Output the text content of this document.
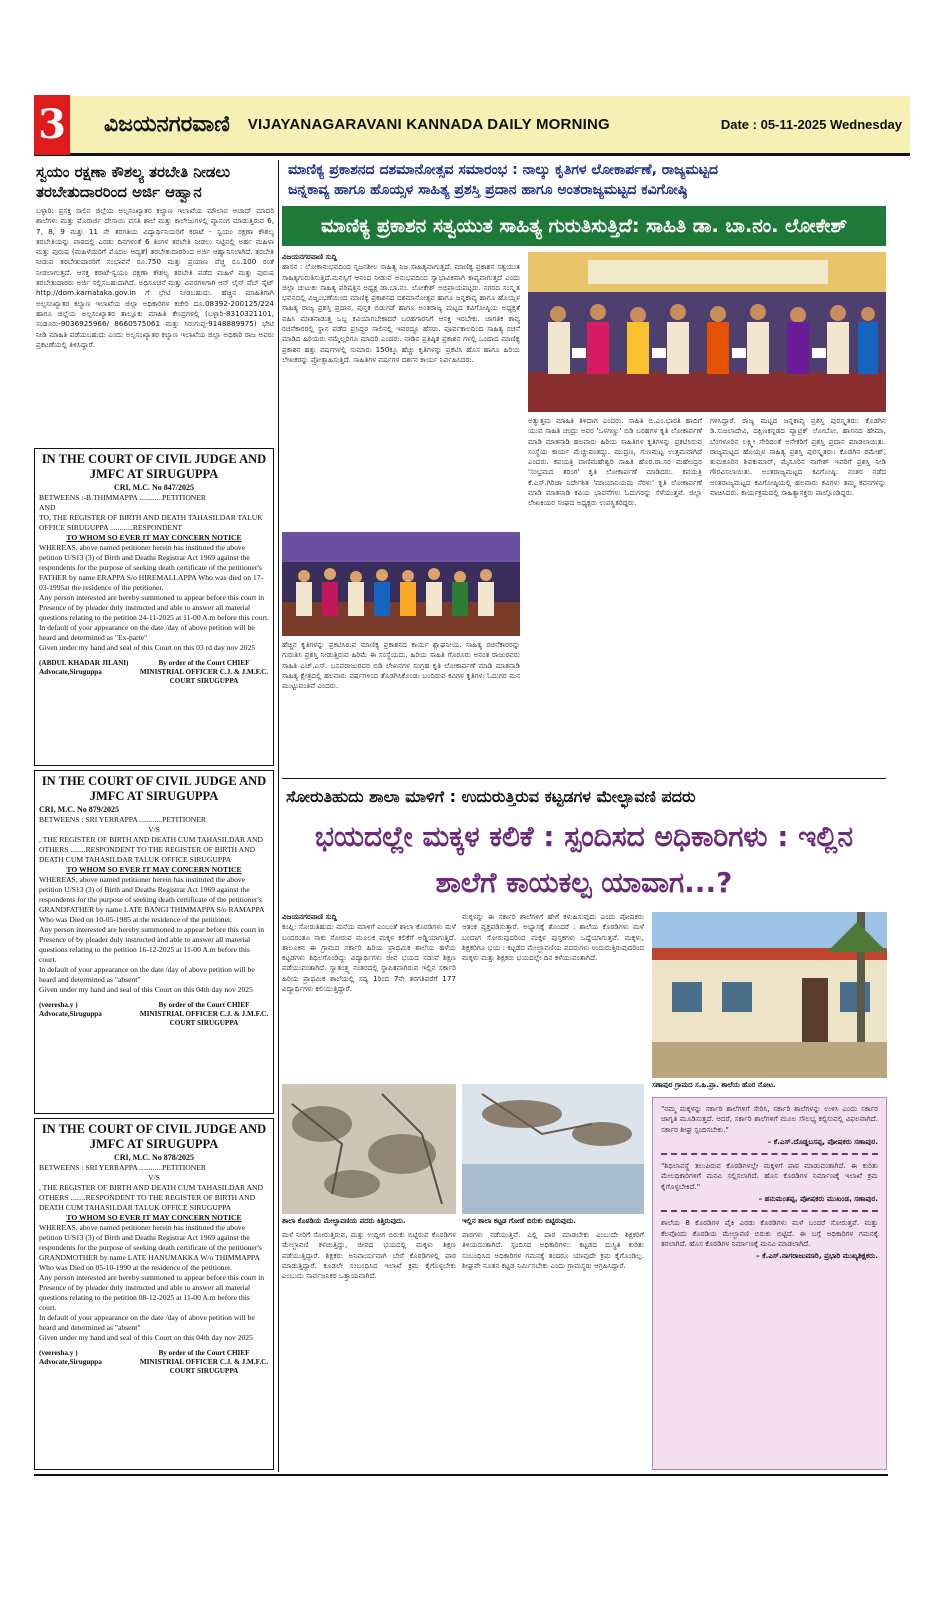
3 ವಿಜಯನಗರವಾಣಿ VIJAYANAGARAVANI KANNADA DAILY MORNING	Date : 05-11-2025 Wednesday
ಸ್ವಯಂ ರಕ್ಷಣಾ ಕೌಶಲ್ಯ ತರಬೇತಿ ನೀಡಲು ತರಬೇತುದಾರರಿಂದ ಅರ್ಜಿ ಆಹ್ವಾನ
ಬಳ್ಳಾರಿ: ಪ್ರಸಕ್ತ ಸಾಲಿನ ಜಿಲ್ಲೆಯ ಅಲ್ಪಸಂಖ್ಯಾತರ ಕಲ್ಯಾಣ ಇಲಾಖೆಯ ಮೌಲಾನ ಆಜಾದ್ ಮಾದರಿ ಶಾಲೆಗಳು ಮತ್ತು ಮೊರಾರ್ಜಿ ದೇಸಾಯಿ ವಸತಿ ಶಾಲೆ ಮತ್ತು ಕಾಲೇಜುಗಳಲ್ಲಿ ವ್ಯಾಸಂಗ ಮಾಡುತ್ತಿರುವ 6, 7, 8, 9 ಮತ್ತು 11 ನೇ ತರಗತಿಯ ವಿದ್ಯಾರ್ಥಿನಿಯರಿಗೆ ಕರಾಟೆ - ಸ್ವಯಂ ರಕ್ಷಣಾ ಕೌಶಲ್ಯ ತರಬೇತಿಯನ್ನು ಪಾಠದಲ್ಲಿ ಎರಡು ದಿನಗಳಂತೆ 6 ತಿಂಗಳ ತರಬೇತಿ ನೀಡಲು ನಿಟ್ಟಿನಲ್ಲಿ ಅರ್ಹ ಮಹಿಳಾ ಮತ್ತು ಪುರುಷ (ಮಹಿಳೆಯರಿಗೆ ಮೊದಲ ಆದ್ಯತೆ) ತರಬೇತುದಾರರಿಂದ ಅರ್ಜಿ ಆಹ್ವಾನಿಸಲಾಗಿದೆ. ತರಬೇತಿ ನೀಡುವ ತರಬೇತುದಾರರಿಗೆ ಸಂಭಾವನೆ ರೂ.750 ಮತ್ತು ಪ್ರಯಾಣ ವೆಚ್ಚ ರೂ.100 ರಂತೆ ನೀಡಲಾಗುತ್ತದೆ. ಆಸಕ್ತ ಕರಾಟೆ-ಸ್ವಯಂ ರಕ್ಷಣಾ ಕೌಶಲ್ಯ ತರಬೇತಿ ಪಡೆದ ಮಹಿಳೆ ಮತ್ತು ಪುರುಷ ತರಬೇತುದಾರರು ಅರ್ಜಿ ಸಲ್ಲಿಸಬಹುದಾಗಿದೆ. ಅಧಿಸೂಚನೆ ಮತ್ತು ವಿವರಗಳಿಗಾಗಿ ಆನ್ ಲೈನ್ ವೆಬ್ ಸೈಟ್ http://dom.karnataka.gov.in ಗೆ ಭೇಟಿ ನೀಡಬಹುದು. ಹೆಚ್ಚಿನ ಮಾಹಿತಿಗಾಗಿ ಅಲ್ಪಸಂಖ್ಯಾತರ ಕಲ್ಯಾಣ ಇಲಾಖೆಯ ಜಿಲ್ಲಾ ಅಧಿಕಾರಿಗಳ ಕಚೇರಿ ದೂ.08392-200125/224 ಹಾಗೂ ಜಿಲ್ಲೆಯ ಅಲ್ಪಸಂಖ್ಯಾತರ ತಾಲ್ಲೂಕು ಮಾಹಿತಿ ಕೇಂದ್ರಗಳಲ್ಲಿ (ಬಳ್ಳಾರಿ-8310321101, ಸಂಡೂರು-9036925966/ 8660575061 ಮತ್ತು ಸಿರುಗುಪ್ಪ-9148889975) ಭೇಟಿ ನೀಡಿ ಮಾಹಿತಿ ಪಡೆಯಬಹುದು ಎಂದು ಅಲ್ಪಸಂಖ್ಯಾತರ ಕಲ್ಯಾಣ ಇಲಾಖೆಯ ಜಿಲ್ಲಾ ಅಧಿಕಾರಿ ರಾಜ ಅವರು ಪ್ರಕಟಣೆಯಲ್ಲಿ ತಿಳಿಸಿದ್ದಾರೆ.
IN THE COURT OF CIVIL JUDGE AND JMFC AT SIRUGUPPA
CRI, M.C. No 847/2025
BETWEENS :-B.THIMMAPPA ............PETITIONER
AND
TO, THE REGISTER OF BIRTH AND DEATH TAHASILDAR TALUK OFFICE SIRUGUPPA ............RESPONDENT
TO WHOM SO EVER IT MAY CONCERN NOTICE
WHEREAS, above named petitioner herein has instituted the above petition U/S13 (3) of Birth and Deaths Registrar Act 1969 against the respondents for the purpose of seeking death certificate of the petitioner's FATHER by name ERAPPA S/o HIREMALLAPPA Who was died on 17-03-1995at the residence of the petitioner.
Any person interested are hereby summoned to appear before this court in Presence of by pleader duly instructed and able to answer all material questions relating to the petition 24-11-2025 at 11-00 A.m before this court.
In default of your appearance on the date /day of above petition will be heard and determined as "Ex-parte"
Given under my hand and seal of this Court on this 03 rd day nov 2025
(ABDUL KHADAR JILANI) Advocate,Siruguppa
By order of the Court CHIEF MINISTRIAL OFFICER C.J. & J.M.F.C. COURT SIRUGUPPA
IN THE COURT OF CIVIL JUDGE AND JMFC AT SIRUGUPPA
CRI, M.C. No 879/2025
BETWEENS : SRI YERRAPPA ............PETITIONER
V/S
, THE REGISTER OF BIRTH AND DEATH CUM TAHASILDAR AND OTHERS ........RESPONDENT TO THE REGISTER OF BIRTH AND DEATH CUM TAHASILDAR TALUK OFFICE SIRUGUPPA
TO WHOM SO EVER IT MAY CONCERN NOTICE
WHEREAS, above named petitioner herein has instituted the above petition U/S13 (3) of Birth and Deaths Registrar Act 1969 against the respondents for the purpose of seeking death certificate of the petitioner's GRANDFATHER by name LATE BANGI THIMMAPPA S/o RAMAPPA Who was Died on 10-05-1985 at the residence of the petitioner.
Any person interested are hereby summoned to appear before this court in Presence of by pleader duly instructed and able to answer all material questions relating to the petition 16-12-2025 at 11-00 A.m before this court.
In default of your appearance on the date /day of above petition will be heard and determined as "absent"
Given under my hand and seal of this Court on this 04th day nov 2025
(veeresha.y ) Advocate,Siruguppa
By order of the Court CHIEF MINISTRIAL OFFICER C.J. & J.M.F.C. COURT SIRUGUPPA
IN THE COURT OF CIVIL JUDGE AND JMFC AT SIRUGUPPA
CRI, M.C. No 878/2025
BETWEENS : SRI YERRAPPA ............PETITIONER
V/S
, THE REGISTER OF BIRTH AND DEATH CUM TAHASILDAR AND OTHERS ........RESPONDENT TO THE REGISTER OF BIRTH AND DEATH CUM TAHASILDAR TALUK OFFICE SIRUGUPPA
TO WHOM SO EVER IT MAY CONCERN NOTICE
WHEREAS, above named petitioner herein has instituted the above petition U/S13 (3) of Birth and Deaths Registrar Act 1969 against the respondents for the purpose of seeking death certificate of the petitioner's GRANDMOTHER by name LATE HANUMAKKA W/o THIMMAPPA Who was Died on 05-10-1990 at the residence of the petitioner.
Any person interested are hereby summoned to appear before this court in Presence of by pleader duly instructed and able to answer all material questions relating to the petition 08-12-2025 at 11-00 A.m before this court.
In default of your appearance on the date /day of above petition will be heard and determined as "absent"
Given under my hand and seal of this Court on this 04th day nov 2025
(veeresha.y ) Advocate,Siruguppa
By order of the Court CHIEF MINISTRIAL OFFICER C.J. & J.M.F.C. COURT SIRUGUPPA
ಮಾಣಿಕ್ಯ ಪ್ರಕಾಶನದ ದಶಮಾನೋತ್ಸವ ಸಮಾರಂಭ : ನಾಲ್ಕು ಕೃತಿಗಳ ಲೋಕಾರ್ಪಣೆ, ರಾಜ್ಯಮಟ್ಟದ
ಜನ್ನಕಾವ್ಯ ಹಾಗೂ ಹೊಯ್ಸಳ ಸಾಹಿತ್ಯ ಪ್ರಶಸ್ತಿ ಪ್ರದಾನ ಹಾಗೂ ಅಂತರಾಜ್ಯಮಟ್ಟದ ಕವಿಗೋಷ್ಠಿ
ಮಾಣಿಕ್ಯ ಪ್ರಕಾಶನ ಸತ್ವಯುತ ಸಾಹಿತ್ಯ ಗುರುತಿಸುತ್ತಿದೆ: ಸಾಹಿತಿ ಡಾ. ಬಾ.ನಂ. ಲೋಕೇಶ್
ವಿಜಯನಗರವಾಣಿ ಸುದ್ದಿ
ಹಾಸನ : ಲೋಕಾನುಭವದಿಂದ ಸೃಜನಶೀಲ ಸಾಹಿತ್ಯ ನಿಜ ಸಾಹಿತ್ಯವಾಗುತ್ತದೆ. ಮಾಣಿಕ್ಯ ಪ್ರಕಾಶನ ಸತ್ವಯುತ ಸಾಹಿತ್ಯಗುರುತಿಸುತ್ತಿದೆ.ಮನಸ್ಸಿಗೆ ಆನಂದ ನೀಡುವ ಅನುಭವದಿಂದ ಸ್ವಾಭಾವಿಕವಾಗಿ ಕಾವ್ಯವಾಗುತ್ತದೆ ಎಂದು ಜಿಲ್ಲಾ ಚುಟುಕು ಸಾಹಿತ್ಯ ಪರಿಷತ್ತಿನ ಅಧ್ಯಕ್ಷ ಡಾ.ಬಾ.ನಂ. ಲೋಕೇಶ್ ಅಭಿಪ್ರಾಯಪಟ್ಟರು. ನಗರದ ಸಂಸ್ಕೃತ ಭವನದಲ್ಲಿ ವಿಜೃಂಭಣೆಯಿಂದ ಮಾಣಿಕ್ಯ ಪ್ರಕಾಶನದ ದಶಮಾನೋತ್ಸವ ಹಾಗೂ ಜನ್ನಕಾವ್ಯ ಹಾಗೂ ಹೊಯ್ಸಳ ಸಾಹಿತ್ಯ ರಾಜ್ಯ ಪ್ರಶಸ್ತಿ ಪ್ರದಾನ, ಪುಸ್ತಕ ಬಿಡುಗಡೆ ಹಾಗೂ ಅಂತರಾಜ್ಯ ಮಟ್ಟದ ಕವಿಗೋಷ್ಠಿಯ ಅಧ್ಯಕ್ಷತೆ ವಹಿಸಿ ಮಾತನಾಡುತ್ತ ಒಬ್ಬ ಕವಿಯಾಗಬೇಕಾದರೆ ಬರಹಗಾರನಿಗೆ ಆಸಕ್ತಿ ಇರಬೇಕು. ಜಾಗತಿಕ ಕಾವ್ಯ ರಚನೆಕಾರರಲ್ಲಿ ಸ್ಥಾನ ಪಡೆದ ಪ್ರಸಿದ್ಧರ ಸಾಲಿನಲ್ಲಿ ಇವರದ್ದೂ ಹೆಸರು. ಪೂರ್ವಕಾಲದಿಂದ ಸಾಹಿತ್ಯ ರಚನೆ ಮಾಡಿದ ಹಿರಿಯರು ನಮ್ಮೆಲ್ಲರಿಗೂ ಮಾದರಿ ಎಂದರು. ನಾಡಿನ ಪ್ರತಿಷ್ಠಿತ ಪ್ರಕಾಶನ ಗಳಲ್ಲಿ ಒಂದಾದ ಮಾಣಿಕ್ಯ ಪ್ರಕಾಶನ ಹತ್ತು ವರ್ಷಗಳಲ್ಲಿ ಸುಮಾರು 150ಕ್ಕೂ ಹೆಚ್ಚು ಕೃತಿಗಳನ್ನು ಪ್ರಕಟಿಸಿ ಹೊಸ ಹಾಗೂ ಹಿರಿಯ ಲೇಖಕರನ್ನು ಪ್ರೋತ್ಸಾಹಿಸುತ್ತಿದೆ. ಸಾಹಿತಿಗಳ ವರ್ಷಗಳ ದರ್ಶನ ಕಾರ್ಯ ನಿರ್ವಹಿಸಿದರು.
ಹೆಚ್ಚಿನ ಕೃತಿಗಳನ್ನು ಪ್ರಕಟಿಸಿರುವ ಮಾಣಿಕ್ಯ ಪ್ರಕಾಶನದ ಕಾರ್ಯ ಶ್ಲಾಘನೀಯ. ಸಾಹಿತ್ಯ ರಚನೆಕಾರರನ್ನು ಗುರುತಿಸಿ ಪ್ರಶಸ್ತಿ ನೀಡುತ್ತಿರುವ ಹಿರಿಮೆ ಈ ಸಂಸ್ಥೆಯದು. ಹಿರಿಯ ಸಾಹಿತಿ ಗೊರೂರು ಅನಂತ ರಾಜುರವರು ಸಾಹಿತಿ ಎಚ್.ಎಸ್. ಬಸವರಾಜುರವರ ಬಿಡಿ ಲೇಖನಗಳ ಸಂಗ್ರಹ ಕೃತಿ ಲೋಕಾರ್ಪಣೆ ಮಾಡಿ ಮಾತನಾಡಿ ಸಾಹಿತ್ಯ ಕ್ಷೇತ್ರದಲ್ಲಿ ಹಲವಾರು ವರ್ಷಗಳಿಂದ ತೊಡಗಿಸಿಕೊಂಡು ಬಂದಿರುವ ಕವಿಗಳ ಕೃತಿಗಳು ಓದುಗರ ಮನ ಮುಟ್ಟುವಂತಿವೆ ಎಂದರು.
ಅತ್ಯುತ್ತಮ ಮಾಹಿತಿ ತಿಳಿದಾಗ ಎಂದರು. ಸಾಹಿತಿ ಬಿ.ಎಂ.ಭಾರತಿ ಹಾದಿಗೆ ಯುವ ಸಾಹಿತಿ ಚಂದ್ರು ಅವರ 'ಒಳಗಣ್ಣು' ಬಿಡಿ ಬರಹಗಳ ಕೃತಿ ಲೋಕಾರ್ಪಣೆ ಮಾಡಿ ಮಾತನಾಡಿ ಹಲವಾರು ಹಿರಿಯ ಸಾಹಿತಿಗಳ ಕೃತಿಗಳನ್ನು ಪ್ರಕಟಿಸಿರುವ ಸಂಸ್ಥೆಯ ಕಾರ್ಯ ಮೆಚ್ಚುವಂತದ್ದು. ಮುದ್ರಣ, ಗುಣಮಟ್ಟ ಉತ್ತಮವಾಗಿದೆ ಎಂದರು. ಕವಯತ್ರಿ ವಾಣಿಮಹೇಶ್ವರಿ ಸಾಹಿತಿ ಹೊರ.ರಾ.ಸರ ಮಹೇಂದ್ರರ 'ಸಂಭ್ರಮದ ತರಂಗ' ಕೃತಿ ಲೋಕಾರ್ಪಣೆ ಮಾಡಿದರು. ಕವಯತ್ರಿ ಕೆ.ಎಸ್.ಗಿರಿಜಾ ನಿರ್ದೇಶಿತ 'ಮಾಯಾನಿಯಮ ನೆರಳು' ಕೃತಿ ಲೋಕಾರ್ಪಣೆ ಮಾಡಿ ಮಾತನಾಡಿ ಕವಿಯ ಭಾವನೆಗಳು ಓದುಗರನ್ನು ಸೆಳೆಯುತ್ತವೆ. ಜಿಲ್ಲಾ ಲೇಖಕಿಯರ ಸಂಘದ ಅಧ್ಯಕ್ಷರು ಉಪಸ್ಥಿತರಿದ್ದರು.
ಗಳಿಸಿದ್ದಾರೆ. ರಾಜ್ಯ ಮಟ್ಟದ ಜನ್ನಕಾವ್ಯ ಪ್ರಶಸ್ತಿ ಪುರಸ್ಕೃತರು: ಕೊಡಗಿನ ಡಿ.ಸುಜಲಾದೇವಿ, ದಕ್ಷಿಣಕನ್ನಡದ ಪ್ಯಾಟ್ರಿಕ್ ಲೋಬೋ, ಹಾಸನದ ಹೇಮಾ, ಬೆಂಗಳೂರಿನ ಲಕ್ಷ್ಮೀ ಸೇರಿದಂತೆ ಅನೇಕರಿಗೆ ಪ್ರಶಸ್ತಿ ಪ್ರದಾನ ಮಾಡಲಾಯಿತು. ರಾಜ್ಯಮಟ್ಟದ ಹೊಯ್ಸಳ ಸಾಹಿತ್ಯ ಪ್ರಶಸ್ತಿ ಪುರಸ್ಕೃತರು: ಕೊಡಗಿನ ರಮೇಶ್, ತುಮಕೂರಿನ ಶಿವಕುಮಾರ್, ಮೈಸೂರಿನ ನಾಗೇಶ್ ಇವರಿಗೆ ಪ್ರಶಸ್ತಿ ನೀಡಿ ಗೌರವಿಸಲಾಯಿತು. ಅಂತರಾಜ್ಯಮಟ್ಟದ ಕವಿಗೋಷ್ಠಿ: ನಂತರ ನಡೆದ ಅಂತರಾಜ್ಯಮಟ್ಟದ ಕವಿಗೋಷ್ಠಿಯಲ್ಲಿ ಹಲವಾರು ಕವಿಗಳು ತಮ್ಮ ಕವನಗಳನ್ನು ವಾಚಿಸಿದರು. ಕಾರ್ಯಕ್ರಮದಲ್ಲಿ ಸಾಹಿತ್ಯಾಸಕ್ತರು ಪಾಲ್ಗೊಂಡಿದ್ದರು.
ಸೋರುತಿಹುದು ಶಾಲಾ ಮಾಳಿಗೆ : ಉದುರುತ್ತಿರುವ ಕಟ್ಟಡಗಳ ಮೇಲ್ಛಾವಣಿ ಪದರು
ಭಯದಲ್ಲೇ ಮಕ್ಕಳ ಕಲಿಕೆ : ಸ್ಪಂದಿಸದ ಅಧಿಕಾರಿಗಳು : ಇಲ್ಲಿನ ಶಾಲೆಗೆ ಕಾಯಕಲ್ಪ ಯಾವಾಗ...?
ವಿಜಯನಗರವಾಣಿ ಸುದ್ದಿ
ಕಂಪ್ಲಿ: ಸೋರುತಿಹುದು ಮನೆಯ ಮಾಳಿಗೆ ಎಂಬಂತೆ ಶಾಲಾ ಕೊಠಡಿಗಳು ಮಳೆ ಬಂದರಂತೂ ಸಾಕು ಸೋರುವ ಮೂಲಕ ಮಕ್ಕಳ ಕಲಿಕೆಗೆ ಅಡ್ಡಿಯಾಗುತ್ತಿದೆ. ತಾಲೂಕಿನ ಈ ಗ್ರಾಮದ ಸರ್ಕಾರಿ ಹಿರಿಯ ಪ್ರಾಥಮಿಕ ಶಾಲೆಯ ಹಳೆಯ ಕಟ್ಟಡಗಳು ಶಿಥಿಲಗೊಂಡಿದ್ದು ವಿದ್ಯಾರ್ಥಿಗಳು ಜೀವ ಭಯದ ನಡುವೆ ಶಿಕ್ಷಣ ಪಡೆಯುವಂತಾಗಿದೆ. ಸ್ವಾತಂತ್ರ್ಯ ನಂತರದಲ್ಲಿ ಸ್ಥಾಪಿತವಾಗಿರುವ ಇಲ್ಲಿನ ಸರ್ಕಾರಿ ಹಿರಿಯ ಪ್ರಾಥಮಿಕ ಶಾಲೆಯಲ್ಲಿ ಸದ್ಯ 1ರಿಂದ 7ನೇ ತರಗತಿವರೆಗೆ 177 ವಿದ್ಯಾರ್ಥಿಗಳು ಕಲಿಯುತ್ತಿದ್ದಾರೆ.
ಮಕ್ಕಳನ್ನು ಈ ಸರ್ಕಾರಿ ಶಾಲೆಗಳಿಗೆ ಹೇಗೆ ಕಳುಹಿಸುವುದು ಎಂದು ಪೋಷಕರು ಆತಂಕ ವ್ಯಕ್ತಪಡಿಸುತ್ತಾರೆ. ಅಭ್ಯಾಸಕ್ಕೆ ತೊಂದರೆ : ಶಾಲೆಯ ಕೊಠಡಿಗಳು ಮಳೆ ಬಂದಾಗ ಸೋರುವುದರಿಂದ ಮಕ್ಕಳ ಪುಸ್ತಕಗಳು ಒದ್ದೆಯಾಗುತ್ತವೆ. ಮಕ್ಕಳು, ಶಿಕ್ಷಕರಿಗೂ ಭಯ : ಕಟ್ಟಡದ ಮೇಲ್ಛಾವಣಿಯ ಪದರುಗಳು ಉದುರುತ್ತಿರುವುದರಿಂದ ಮಕ್ಕಳು ಮತ್ತು ಶಿಕ್ಷಕರು ಭಯದಲ್ಲೇ ದಿನ ಕಳೆಯುವಂತಾಗಿದೆ.
ಸಣಾಪುರ ಗ್ರಾಮದ ಸ.ಹಿ.ಪ್ರಾ. ಶಾಲೆಯ ಹೊರ ನೋಟ.
ಶಾಲಾ ಕೊಠಡಿಯ ಮೇಲ್ಛಾವಣಿಯ ಪದರು ಕಿತ್ತಿರುವುದು.	ಇಲ್ಲಿನ ಶಾಲಾ ಕಟ್ಟಡ ಗೋಡೆ ಬಿರುಕು ಬಿಟ್ಟಿರುವುದು.
ಮಳೆ ನೀರಿಗೆ ಸೋರುತ್ತಿರುವ, ಮತ್ತು ಉದ್ದೀಗ ಬಿರುಕು ಬಿಟ್ಟಿರುವ ಕೊಠಡಿಗಳ ಮೇಲ್ಛಾವಣಿ ಕಳಚುತ್ತಿದ್ದು, ಜೀವದ ಭಯದಲ್ಲಿ ಮಕ್ಕಳು ಶಿಕ್ಷಣ ಪಡೆಯುತ್ತಿದ್ದಾರೆ. ಶಿಕ್ಷಕರು ಅನಿವಾರ್ಯವಾಗಿ ಬೇರೆ ಕೊಠಡಿಗಳಲ್ಲಿ ಪಾಠ ಮಾಡುತ್ತಿದ್ದಾರೆ. ಕೂಡಲೇ ಸಂಬಂಧಿಸಿದ ಇಲಾಖೆ ಕ್ರಮ ಕೈಗೊಳ್ಳಬೇಕು ಎಂಬುದು ಸಾರ್ವಜನಿಕರ ಒತ್ತಾಯವಾಗಿದೆ.
ಪಾಠಗಳು ನಡೆಯುತ್ತಿವೆ. ಎಲ್ಲಿ ಪಾಠ ಮಾಡಬೇಕು ಎಂಬುದೇ ಶಿಕ್ಷಕರಿಗೆ ತಿಳಿಯದಂತಾಗಿದೆ. ಸ್ಪಂದಿಸದ ಅಧಿಕಾರಿಗಳು: ಕಟ್ಟಡದ ದುಸ್ಥಿತಿ ಕುರಿತು ಸಂಬಂಧಿಸಿದ ಅಧಿಕಾರಿಗಳ ಗಮನಕ್ಕೆ ತಂದರೂ ಯಾವುದೇ ಕ್ರಮ ಕೈಗೊಂಡಿಲ್ಲ. ಶೀಘ್ರವೇ ನೂತನ ಕಟ್ಟಡ ನಿರ್ಮಿಸಬೇಕು ಎಂದು ಗ್ರಾಮಸ್ಥರು ಆಗ್ರಹಿಸಿದ್ದಾರೆ.

"ನಮ್ಮ ಮಕ್ಕಳನ್ನು ಸರ್ಕಾರಿ ಶಾಲೆಗಳಿಗೆ ಸೇರಿಸಿ, ಸರ್ಕಾರಿ ಶಾಲೆಗಳನ್ನು ಉಳಿಸಿ ಎಂದು ಸರ್ಕಾರ ಜಾಗೃತಿ ಮೂಡಿಸುತ್ತದೆ. ಆದರೆ, ಸರ್ಕಾರಿ ಶಾಲೆಗಳಿಗೆ ಮೂಲ ಸೌಲಭ್ಯ ಕಲ್ಪಿಸುವಲ್ಲಿ ವಿಫಲವಾಗಿದೆ. ಸರ್ಕಾರ ಶೀಘ್ರ ಸ್ಪಂದಿಸಬೇಕು."

– ಕೆ.ಎಸ್.ದೊಡ್ಡಬಸಪ್ಪ, ಪೋಷಕರು ಸಣಾಪುರ.

"ಶಿಥಿಲಾವಸ್ಥೆ ತಲುಪಿರುವ ಕೊಠಡಿಗಳಲ್ಲೇ ಮಕ್ಕಳಿಗೆ ಪಾಠ ಮಾಡುವಂತಾಗಿದೆ. ಈ ಕುರಿತು ಮೇಲಧಿಕಾರಿಗಳಿಗೆ ಮನವಿ ಸಲ್ಲಿಸಲಾಗಿದೆ. ಹೊಸ ಕೊಠಡಿಗಳ ನಿರ್ಮಾಣಕ್ಕೆ ಇಲಾಖೆ ಕ್ರಮ ಕೈಗೊಳ್ಳಬೇಕಿದೆ."

– ಹನುಮಂತಪ್ಪ, ಪೋಷಕರು ಮುಖಂಡ, ಸಣಾಪುರ.

ಶಾಲೆಯ 8 ಕೊಠಡಿಗಳ ಪೈಕಿ ಎರಡು ಕೊಠಡಿಗಳು ಮಳೆ ಬಂದರೆ ಸೋರುತ್ತವೆ. ಮತ್ತು ಕೆಲವೊಂದು ಕೊಠಡಿಯ ಮೇಲ್ಛಾವಣಿ ಬಿರುಕು ಬಿಟ್ಟಿದೆ. ಈ ಬಗ್ಗೆ ಅಧಿಕಾರಿಗಳ ಗಮನಕ್ಕೆ ತರಲಾಗಿದೆ. ಹೊಸ ಕೊಠಡಿಗಳ ನಿರ್ಮಾಣಕ್ಕೆ ಮನವಿ ಮಾಡಲಾಗಿದೆ.

– ಕೆ.ಎಸ್.ನಾಗರಾಜುಮಾರಿ, ಪ್ರಭಾರಿ ಮುಖ್ಯಶಿಕ್ಷಕರು.
